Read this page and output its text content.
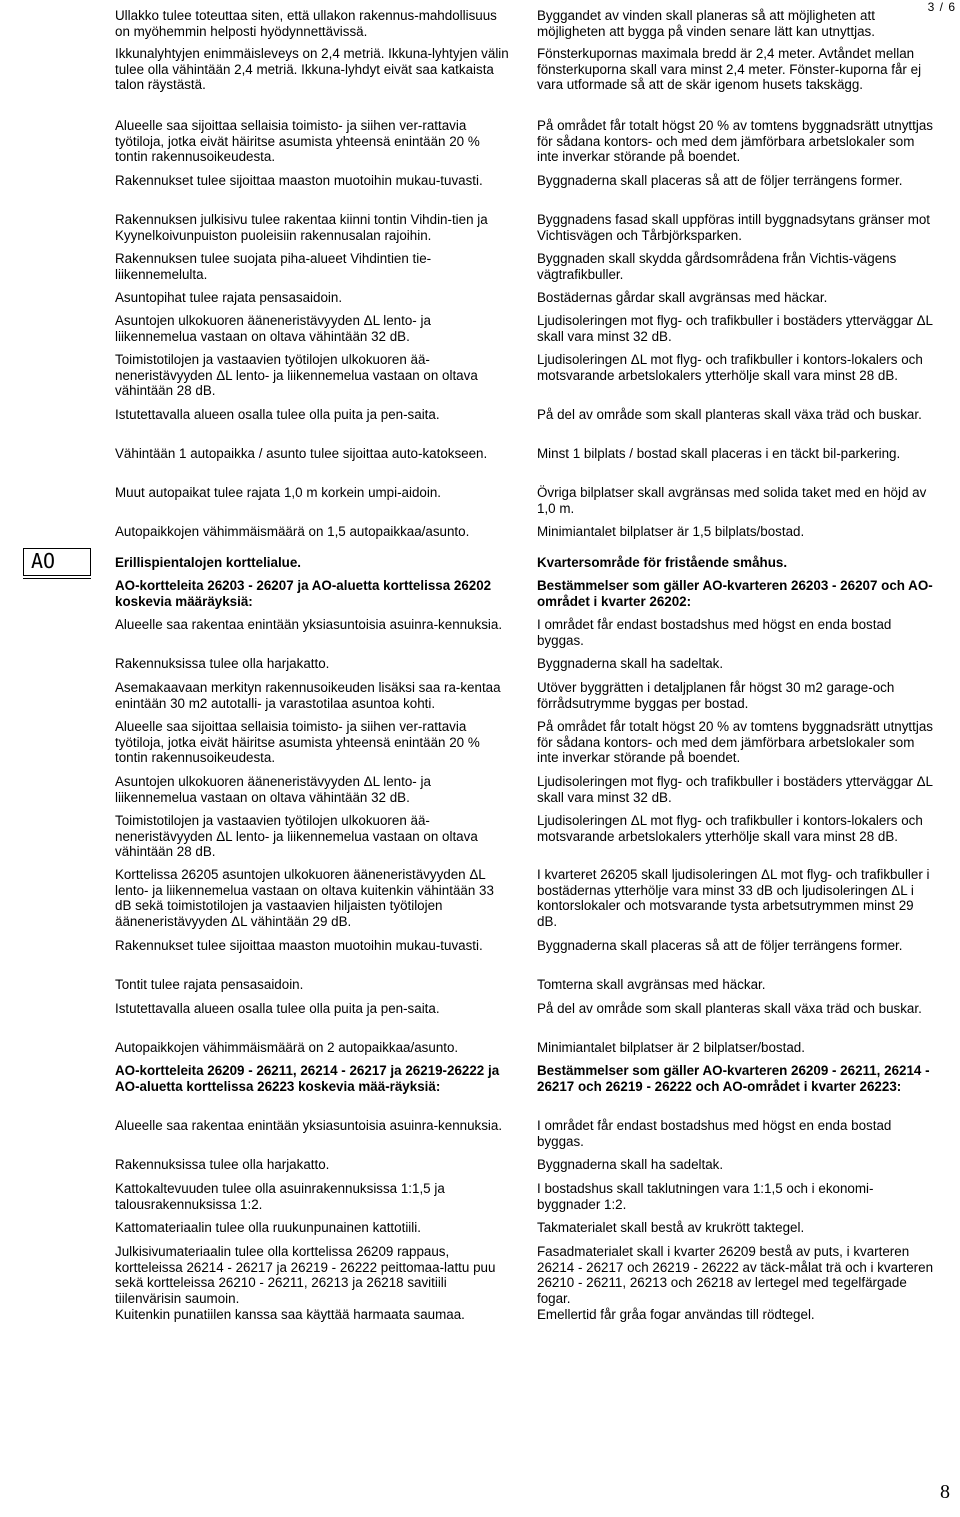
3 / 6
AO

Ullakko tulee toteuttaa siten, että ullakon rakennus-mahdollisuus on myöhemmin helposti hyödynnettävissä.

Ikkunalyhtyjen enimmäisleveys on 2,4 metriä. Ikkuna-lyhtyjen välin tulee olla vähintään 2,4 metriä. Ikkuna-lyhdyt eivät saa katkaista talon räystästä.

Alueelle saa sijoittaa sellaisia toimisto- ja siihen ver-rattavia työtiloja, jotka eivät häiritse asumista yhteensä enintään 20 % tontin rakennusoikeudesta.

Rakennukset tulee sijoittaa maaston muotoihin mukau-tuvasti.

Rakennuksen julkisivu tulee rakentaa kiinni tontin Vihdin-tien ja Kyynelkoivunpuiston puoleisiin rakennusalan rajoihin.

Rakennuksen tulee suojata piha-alueet Vihdintien tie-liikennemelulta.

Asuntopihat tulee rajata pensasaidoin.

Asuntojen ulkokuoren ääneneristävyyden ΔL lento- ja liikennemelua vastaan on oltava vähintään 32 dB.

Toimistotilojen ja vastaavien työtilojen ulkokuoren ää-neneristävyyden ΔL lento- ja liikennemelua vastaan on oltava vähintään 28 dB.

Istutettavalla alueen osalla tulee olla puita ja pen-saita.

Vähintään 1 autopaikka / asunto tulee sijoittaa auto-katokseen.

Muut autopaikat tulee rajata 1,0 m korkein umpi-aidoin.

Autopaikkojen vähimmäismäärä on 1,5 autopaikkaa/asunto.

Erillispientalojen korttelialue.

AO-kortteleita 26203 - 26207 ja AO-aluetta korttelissa 26202 koskevia määräyksiä:

Alueelle saa rakentaa enintään yksiasuntoisia asuinra-kennuksia.

Rakennuksissa tulee olla harjakatto.

Asemakaavaan merkityn rakennusoikeuden lisäksi saa ra-kentaa enintään 30 m2 autotalli- ja varastotilaa asuntoa kohti.

Alueelle saa sijoittaa sellaisia toimisto- ja siihen ver-rattavia työtiloja, jotka eivät häiritse asumista yhteensä enintään 20 % tontin rakennusoikeudesta.

Asuntojen ulkokuoren ääneneristävyyden ΔL lento- ja liikennemelua vastaan on oltava vähintään 32 dB.

Toimistotilojen ja vastaavien työtilojen ulkokuoren ää-neneristävyyden ΔL lento- ja liikennemelua vastaan on oltava vähintään 28 dB.

Korttelissa 26205 asuntojen ulkokuoren ääneneristävyyden ΔL lento- ja liikennemelua vastaan on oltava kuitenkin vähintään 33 dB sekä toimistotilojen ja vastaavien hiljaisten työtilojen ääneneristävyyden ΔL vähintään 29 dB.

Rakennukset tulee sijoittaa maaston muotoihin mukau-tuvasti.

Tontit tulee rajata pensasaidoin.

Istutettavalla alueen osalla tulee olla puita ja pen-saita.

Autopaikkojen vähimmäismäärä on 2 autopaikkaa/asunto.

AO-kortteleita 26209 - 26211, 26214 - 26217 ja 26219-26222 ja AO-aluetta korttelissa 26223 koskevia mää-räyksiä:

Alueelle saa rakentaa enintään yksiasuntoisia asuinra-kennuksia.

Rakennuksissa tulee olla harjakatto.

Kattokaltevuuden tulee olla asuinrakennuksissa 1:1,5 ja talousrakennuksissa 1:2.

Kattomateriaalin tulee olla ruukunpunainen kattotiili.

Julkisivumateriaalin tulee olla korttelissa 26209 rappaus, kortteleissa 26214 - 26217 ja 26219 - 26222 peittomaa-lattu puu sekä kortteleissa 26210 - 26211, 26213 ja 26218 savitiili tiilenvärisin saumoin.

Kuitenkin punatiilen kanssa saa käyttää harmaata saumaa.

Byggandet av vinden skall planeras så att möjligheten att möjligheten att bygga på vinden senare lätt kan utnyttjas.

Fönsterkupornas maximala bredd är 2,4 meter. Avtåndet mellan fönsterkuporna skall vara minst 2,4 meter. Fönster-kuporna får ej vara utformade så att de skär igenom husets takskägg.

På området får totalt högst 20 % av tomtens byggnadsrätt utnyttjas för sådana kontors- och med dem jämförbara arbetslokaler som inte inverkar störande på boendet.

Byggnaderna skall placeras så att de följer terrängens former.

Byggnadens fasad skall uppföras intill byggnadsytans gränser mot Vichtisvägen och Tårbjörksparken.

Byggnaden skall skydda gårdsområdena från Vichtis-vägens vägtrafikbuller.

Bostädernas gårdar skall avgränsas med häckar.

Ljudisoleringen mot flyg- och trafikbuller i bostäders ytterväggar ΔL skall vara minst 32 dB.

Ljudisoleringen ΔL mot flyg- och trafikbuller i kontors-lokalers och motsvarande arbetslokalers ytterhölje skall vara minst 28 dB.

På del av område som skall planteras skall växa träd och buskar.

Minst 1 bilplats / bostad skall placeras i en täckt bil-parkering.

Övriga bilplatser skall avgränsas med solida taket med en höjd av 1,0 m.

Minimiantalet bilplatser är 1,5 bilplats/bostad.

Kvartersområde för fristående småhus.

Bestämmelser som gäller AO-kvarteren 26203 - 26207 och AO-området i kvarter 26202:

I området får endast bostadshus med högst en enda bostad byggas.

Byggnaderna skall ha sadeltak.

Utöver byggrätten i detaljplanen får högst 30 m2 garage-och förrådsutrymme byggas per bostad.

På området får totalt högst 20 % av tomtens byggnadsrätt utnyttjas för sådana kontors- och med dem jämförbara arbetslokaler som inte inverkar störande på boendet.

Ljudisoleringen mot flyg- och trafikbuller i bostäders ytterväggar ΔL skall vara minst 32 dB.

Ljudisoleringen ΔL mot flyg- och trafikbuller i kontors-lokalers och motsvarande arbetslokalers ytterhölje skall vara minst 28 dB.

I kvarteret 26205 skall ljudisoleringen ΔL mot flyg- och trafikbuller i bostädernas ytterhölje vara minst 33 dB och ljudisoleringen ΔL i kontorslokaler och motsvarande tysta arbetsutrymmen minst 29 dB.

Byggnaderna skall placeras så att de följer terrängens former.

Tomterna skall avgränsas med häckar.

På del av område som skall planteras skall växa träd och buskar.

Minimiantalet bilplatser är 2 bilplatser/bostad.

Bestämmelser som gäller AO-kvarteren 26209 - 26211, 26214 - 26217 och 26219 - 26222 och AO-området i kvarter 26223:

I området får endast bostadshus med högst en enda bostad byggas.

Byggnaderna skall ha sadeltak.

I bostadshus skall taklutningen vara 1:1,5 och i ekonomi-byggnader 1:2.

Takmaterialet skall bestå av krukrött taktegel.

Fasadmaterialet skall i kvarter 26209 bestå av puts, i kvarteren 26214 - 26217 och 26219 - 26222 av täck-målat trä och i kvarteren 26210 - 26211, 26213 och 26218 av lertegel med tegelfärgade fogar.

Emellertid får gråa fogar användas till rödtegel.

8
